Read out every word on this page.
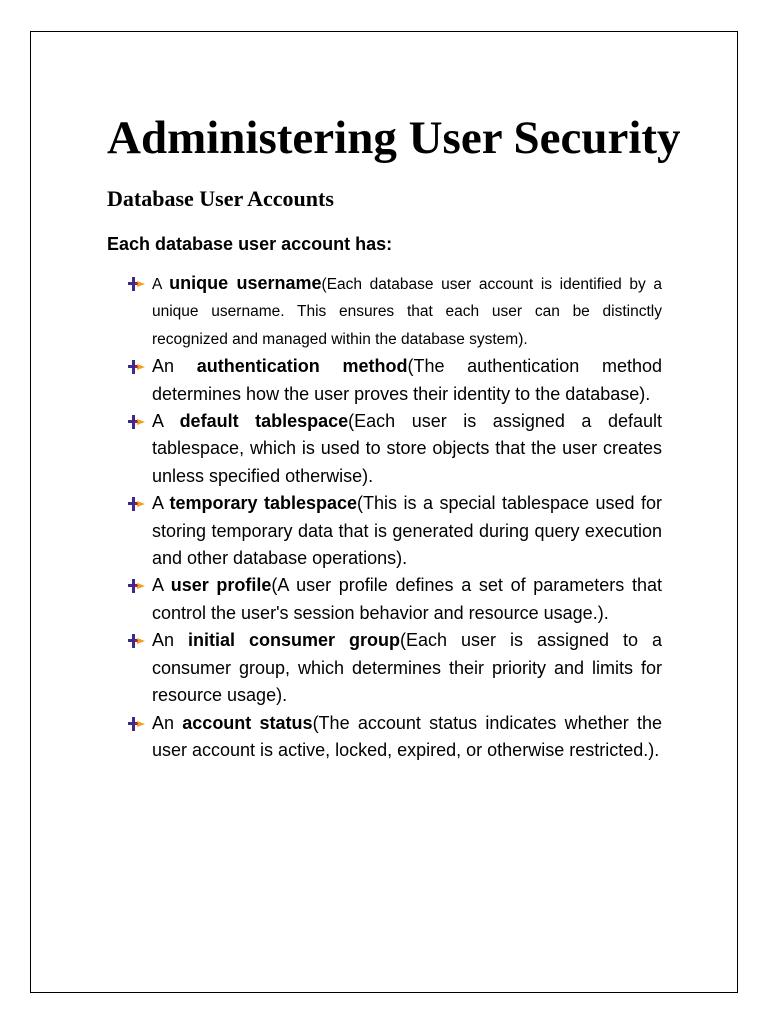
Administering User Security
Database User Accounts

Each database user account has:

A unique username(Each database user account is identified by a unique username. This ensures that each user can be distinctly recognized and managed within the database system).
An authentication method(The authentication method determines how the user proves their identity to the database).
A default tablespace(Each user is assigned a default tablespace, which is used to store objects that the user creates unless specified otherwise).
A temporary tablespace(This is a special tablespace used for storing temporary data that is generated during query execution and other database operations).
A user profile(A user profile defines a set of parameters that control the user's session behavior and resource usage.).
An initial consumer group(Each user is assigned to a consumer group, which determines their priority and limits for resource usage).
An account status(The account status indicates whether the user account is active, locked, expired, or otherwise restricted.).
